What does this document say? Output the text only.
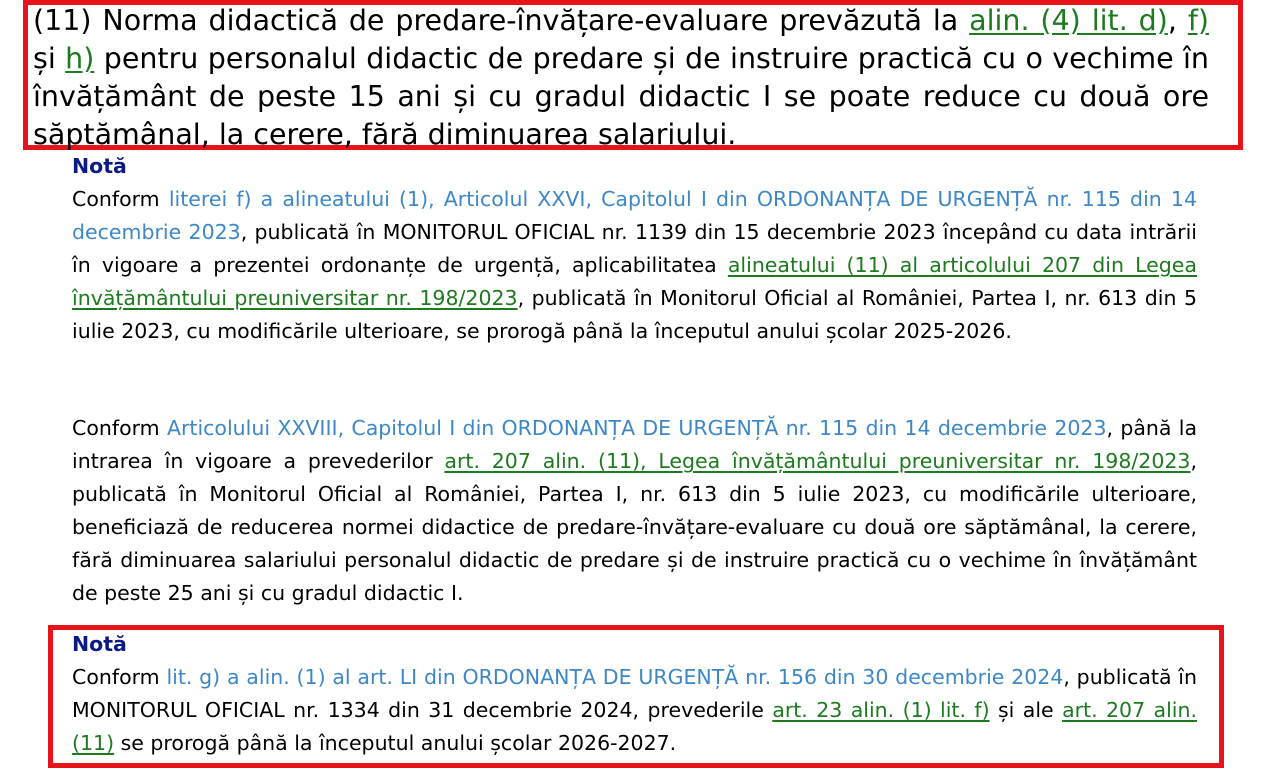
(11) Norma didactică de predare-învățare-evaluare prevăzută la alin. (4) lit. d), f) și h) pentru personalul didactic de predare și de instruire practică cu o vechime în învățământ de peste 15 ani și cu gradul didactic I se poate reduce cu două ore săptămânal, la cerere, fără diminuarea salariului.
Notă
Conform literei f) a alineatului (1), Articolul XXVI, Capitolul I din ORDONANȚA DE URGENȚĂ nr. 115 din 14 decembrie 2023, publicată în MONITORUL OFICIAL nr. 1139 din 15 decembrie 2023 începând cu data intrării în vigoare a prezentei ordonanțe de urgență, aplicabilitatea alineatului (11) al articolului 207 din Legea învățământului preuniversitar nr. 198/2023, publicată în Monitorul Oficial al României, Partea I, nr. 613 din 5 iulie 2023, cu modificările ulterioare, se prorogă până la începutul anului școlar 2025-2026.
Conform Articolului XXVIII, Capitolul I din ORDONANȚA DE URGENȚĂ nr. 115 din 14 decembrie 2023, până la intrarea în vigoare a prevederilor art. 207 alin. (11), Legea învățământului preuniversitar nr. 198/2023, publicată în Monitorul Oficial al României, Partea I, nr. 613 din 5 iulie 2023, cu modificările ulterioare, beneficiază de reducerea normei didactice de predare-învățare-evaluare cu două ore săptămânal, la cerere, fără diminuarea salariului personalul didactic de predare și de instruire practică cu o vechime în învățământ de peste 25 ani și cu gradul didactic I.
Notă
Conform lit. g) a alin. (1) al art. LI din ORDONANȚA DE URGENȚĂ nr. 156 din 30 decembrie 2024, publicată în MONITORUL OFICIAL nr. 1334 din 31 decembrie 2024, prevederile art. 23 alin. (1) lit. f) și ale art. 207 alin. (11) se prorogă până la începutul anului școlar 2026-2027.
